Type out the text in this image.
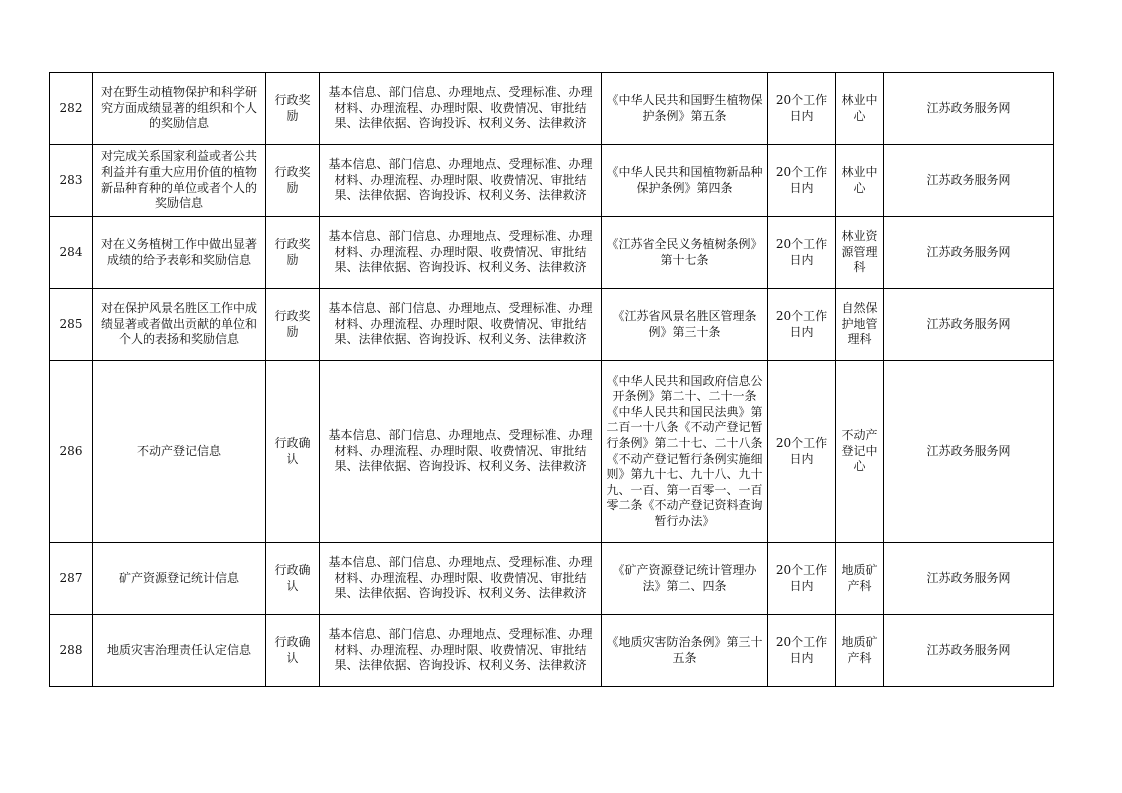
282	对在野生动植物保护和科学研究方面成绩显著的组织和个人的奖励信息	行政奖励	基本信息、部门信息、办理地点、受理标准、办理材料、办理流程、办理时限、收费情况、审批结果、法律依据、咨询投诉、权利义务、法律救济	《中华人民共和国野生植物保护条例》第五条	20个工作日内	林业中心	江苏政务服务网
283	对完成关系国家利益或者公共利益并有重大应用价值的植物新品种育种的单位或者个人的奖励信息	行政奖励	基本信息、部门信息、办理地点、受理标准、办理材料、办理流程、办理时限、收费情况、审批结果、法律依据、咨询投诉、权利义务、法律救济	《中华人民共和国植物新品种保护条例》第四条	20个工作日内	林业中心	江苏政务服务网
284	对在义务植树工作中做出显著成绩的给予表彰和奖励信息	行政奖励	基本信息、部门信息、办理地点、受理标准、办理材料、办理流程、办理时限、收费情况、审批结果、法律依据、咨询投诉、权利义务、法律救济	《江苏省全民义务植树条例》第十七条	20个工作日内	林业资源管理科	江苏政务服务网
285	对在保护风景名胜区工作中成绩显著或者做出贡献的单位和个人的表扬和奖励信息	行政奖励	基本信息、部门信息、办理地点、受理标准、办理材料、办理流程、办理时限、收费情况、审批结果、法律依据、咨询投诉、权利义务、法律救济	《江苏省风景名胜区管理条例》第三十条	20个工作日内	自然保护地管理科	江苏政务服务网
286	不动产登记信息	行政确认	基本信息、部门信息、办理地点、受理标准、办理材料、办理流程、办理时限、收费情况、审批结果、法律依据、咨询投诉、权利义务、法律救济	《中华人民共和国政府信息公开条例》第二十、二十一条《中华人民共和国民法典》第二百一十八条《不动产登记暂行条例》第二十七、二十八条《不动产登记暂行条例实施细则》第九十七、九十八、九十九、一百、第一百零一、一百零二条《不动产登记资料查询暂行办法》	20个工作日内	不动产登记中心	江苏政务服务网
287	矿产资源登记统计信息	行政确认	基本信息、部门信息、办理地点、受理标准、办理材料、办理流程、办理时限、收费情况、审批结果、法律依据、咨询投诉、权利义务、法律救济	《矿产资源登记统计管理办法》第二、四条	20个工作日内	地质矿产科	江苏政务服务网
288	地质灾害治理责任认定信息	行政确认	基本信息、部门信息、办理地点、受理标准、办理材料、办理流程、办理时限、收费情况、审批结果、法律依据、咨询投诉、权利义务、法律救济	《地质灾害防治条例》第三十五条	20个工作日内	地质矿产科	江苏政务服务网
